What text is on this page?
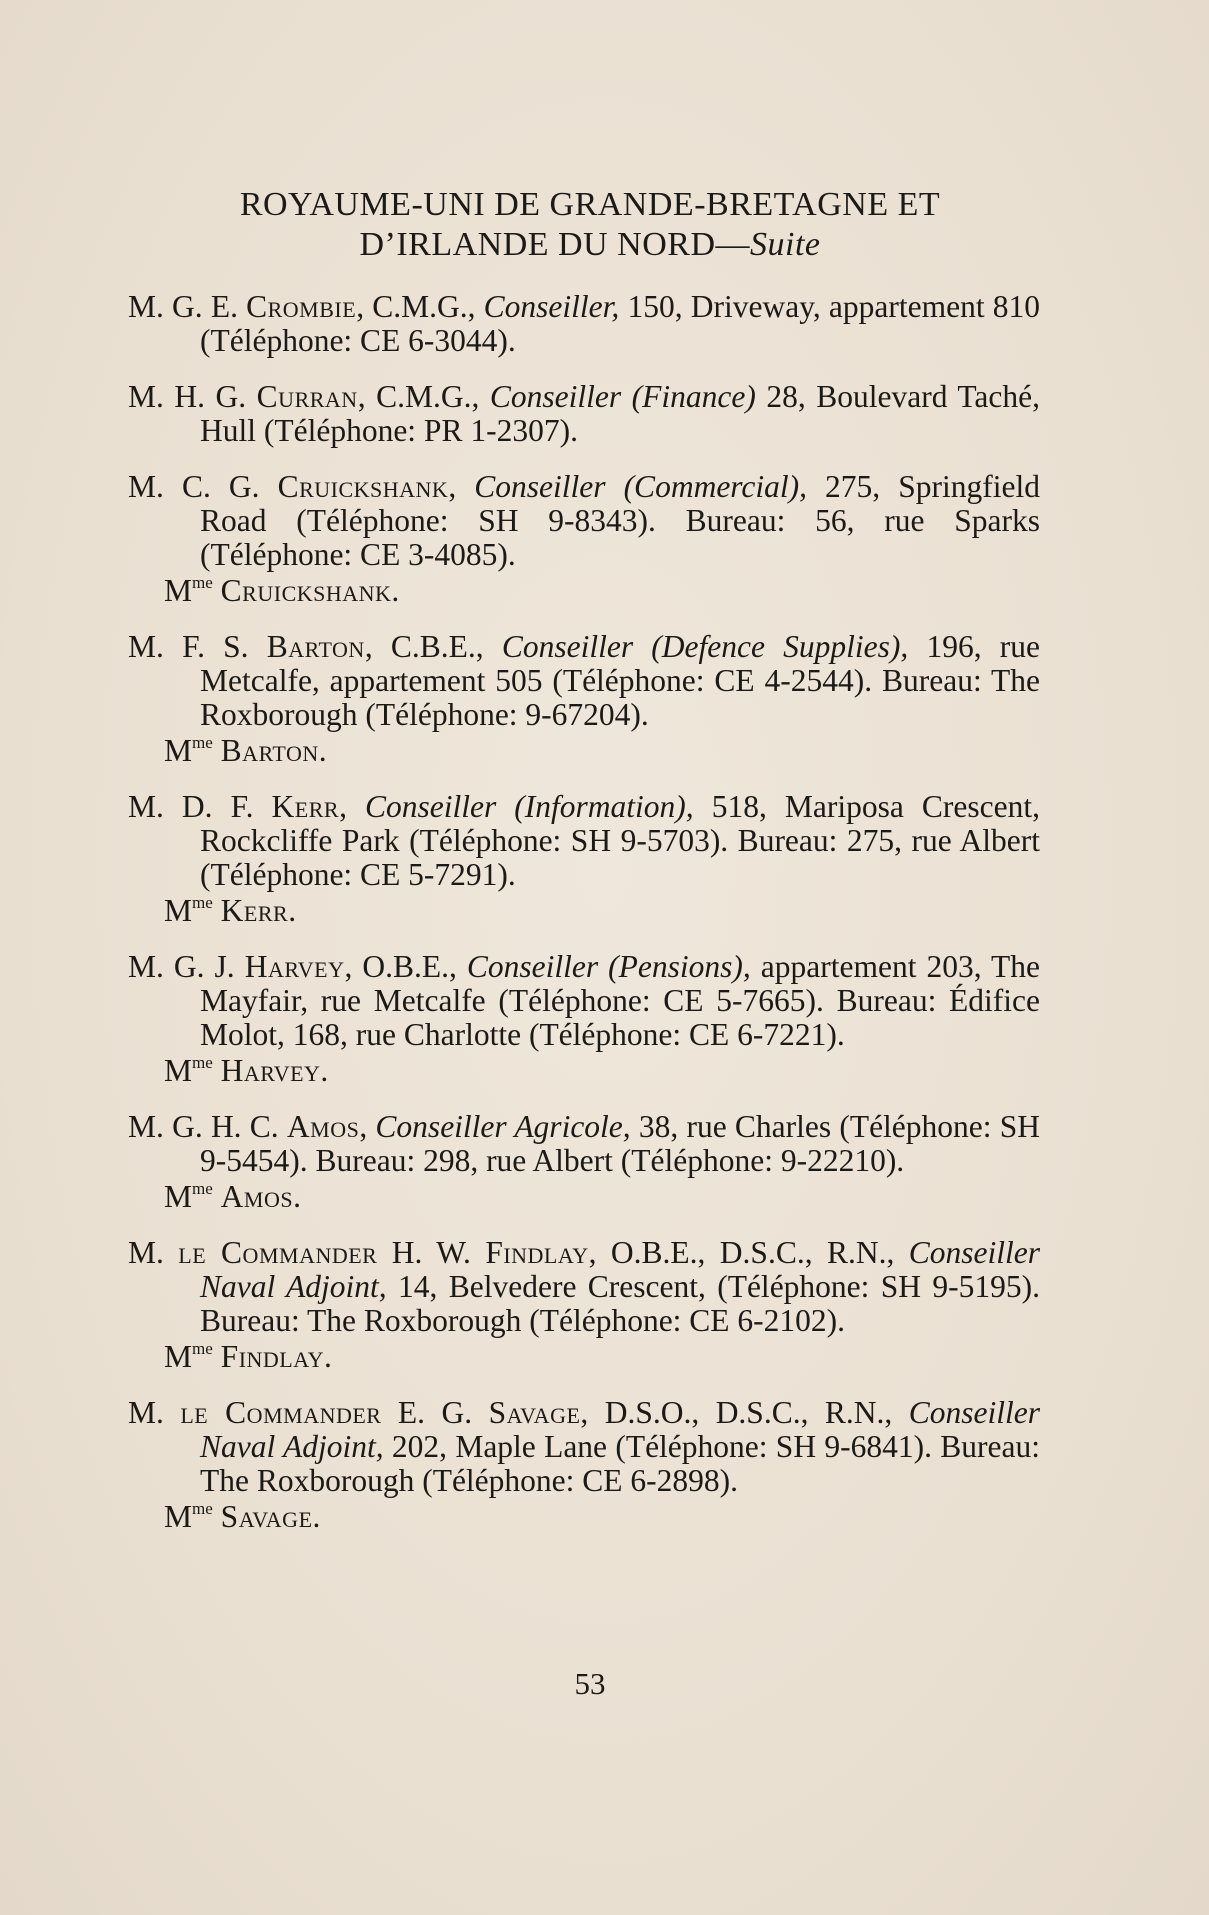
ROYAUME-UNI DE GRANDE-BRETAGNE ET
D’IRLANDE DU NORD—Suite
M. G. E. Crombie, C.M.G., Conseiller, 150, Driveway, appartement 810 (Téléphone: CE 6-3044).
M. H. G. Curran, C.M.G., Conseiller (Finance) 28, Boulevard Taché, Hull (Téléphone: PR 1-2307).
M. C. G. Cruickshank, Conseiller (Commercial), 275, Springfield Road (Téléphone: SH 9-8343). Bureau: 56, rue Sparks (Téléphone: CE 3-4085).
$M^{me}$ Cruickshank.
M. F. S. Barton, C.B.E., Conseiller (Defence Supplies), 196, rue Metcalfe, appartement 505 (Téléphone: CE 4-2544). Bureau: The Roxborough (Téléphone: 9-67204).
$M^{me}$ Barton.
M. D. F. Kerr, Conseiller (Information), 518, Mariposa Crescent, Rockcliffe Park (Téléphone: SH 9-5703). Bureau: 275, rue Albert (Téléphone: CE 5-7291).
$M^{me}$ Kerr.
M. G. J. Harvey, O.B.E., Conseiller (Pensions), appartement 203, The Mayfair, rue Metcalfe (Téléphone: CE 5-7665). Bureau: Édifice Molot, 168, rue Charlotte (Téléphone: CE 6-7221).
$M^{me}$ Harvey.
M. G. H. C. Amos, Conseiller Agricole, 38, rue Charles (Téléphone: SH 9-5454). Bureau: 298, rue Albert (Téléphone: 9-22210).
$M^{me}$ Amos.
M. le Commander H. W. Findlay, O.B.E., D.S.C., R.N., Conseiller Naval Adjoint, 14, Belvedere Crescent, (Téléphone: SH 9-5195). Bureau: The Roxborough (Téléphone: CE 6-2102).
$M^{me}$ Findlay.
M. le Commander E. G. Savage, D.S.O., D.S.C., R.N., Conseiller Naval Adjoint, 202, Maple Lane (Téléphone: SH 9-6841). Bureau: The Roxborough (Téléphone: CE 6-2898).
$M^{me}$ Savage.
53
